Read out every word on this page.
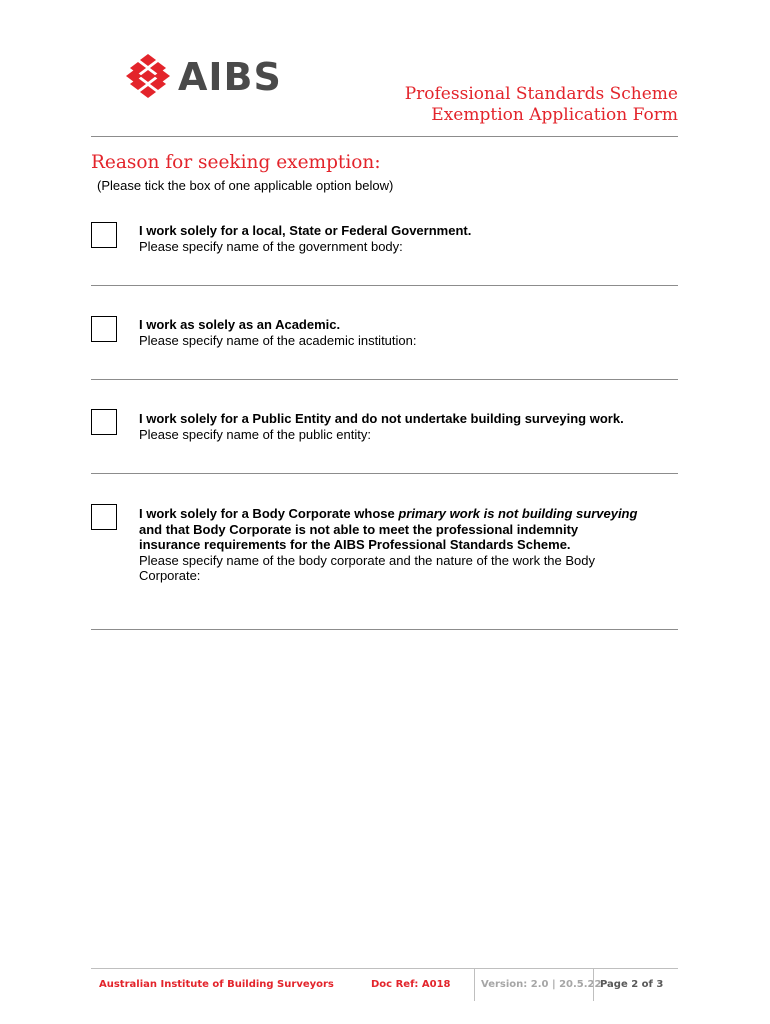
AIBS	Professional Standards Scheme
Exemption Application Form
Reason for seeking exemption:
(Please tick the box of one applicable option below)
I work solely for a local, State or Federal Government.
Please specify name of the government body:
I work as solely as an Academic.
Please specify name of the academic institution:
I work solely for a Public Entity and do not undertake building surveying work.
Please specify name of the public entity:
I work solely for a Body Corporate whose primary work is not building surveying and that Body Corporate is not able to meet the professional indemnity insurance requirements for the AIBS Professional Standards Scheme.
Please specify name of the body corporate and the nature of the work the Body Corporate:
Australian Institute of Building Surveyors	Doc Ref: A018	Version: 2.0 | 20.5.22
Page 2 of 3
